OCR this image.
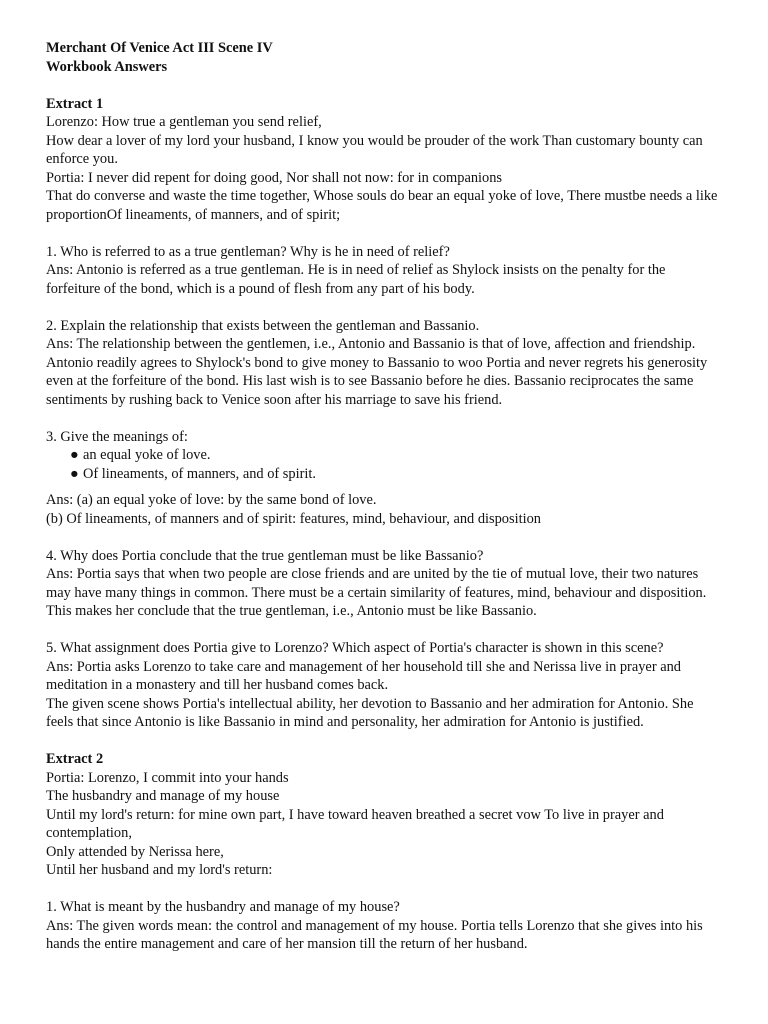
Merchant Of Venice Act III Scene IV

Workbook Answers

Extract 1

Lorenzo: How true a gentleman you send relief,

How dear a lover of my lord your husband, I know you would be prouder of the work Than customary bounty can enforce you.

Portia: I never did repent for doing good, Nor shall not now: for in companions

That do converse and waste the time together, Whose souls do bear an equal yoke of love, There mustbe needs a like proportionOf lineaments, of manners, and of spirit;

1. Who is referred to as a true gentleman? Why is he in need of relief?

Ans: Antonio is referred as a true gentleman. He is in need of relief as Shylock insists on the penalty for the forfeiture of the bond, which is a pound of flesh from any part of his body.

2. Explain the relationship that exists between the gentleman and Bassanio.

Ans: The relationship between the gentlemen, i.e., Antonio and Bassanio is that of love, affection and friendship. Antonio readily agrees to Shylock's bond to give money to Bassanio to woo Portia and never regrets his generosity even at the forfeiture of the bond. His last wish is to see Bassanio before he dies. Bassanio reciprocates the same sentiments by rushing back to Venice soon after his marriage to save his friend.

3. Give the meanings of:

● an equal yoke of love.
● Of lineaments, of manners, and of spirit.

Ans: (a) an equal yoke of love: by the same bond of love.

(b) Of lineaments, of manners and of spirit: features, mind, behaviour, and disposition

4. Why does Portia conclude that the true gentleman must be like Bassanio?

Ans: Portia says that when two people are close friends and are united by the tie of mutual love, their two natures may have many things in common. There must be a certain similarity of features, mind, behaviour and disposition. This makes her conclude that the true gentleman, i.e., Antonio must be like Bassanio.

5. What assignment does Portia give to Lorenzo? Which aspect of Portia's character is shown in this scene?

Ans: Portia asks Lorenzo to take care and management of her household till she and Nerissa live in prayer and meditation in a monastery and till her husband comes back.

The given scene shows Portia's intellectual ability, her devotion to Bassanio and her admiration for Antonio. She feels that since Antonio is like Bassanio in mind and personality, her admiration for Antonio is justified.

Extract 2

Portia: Lorenzo, I commit into your hands

The husbandry and manage of my house

Until my lord's return: for mine own part, I have toward heaven breathed a secret vow To live in prayer and contemplation,

Only attended by Nerissa here,

Until her husband and my lord's return:

1. What is meant by the husbandry and manage of my house?

Ans: The given words mean: the control and management of my house. Portia tells Lorenzo that she gives into his hands the entire management and care of her mansion till the return of her husband.
